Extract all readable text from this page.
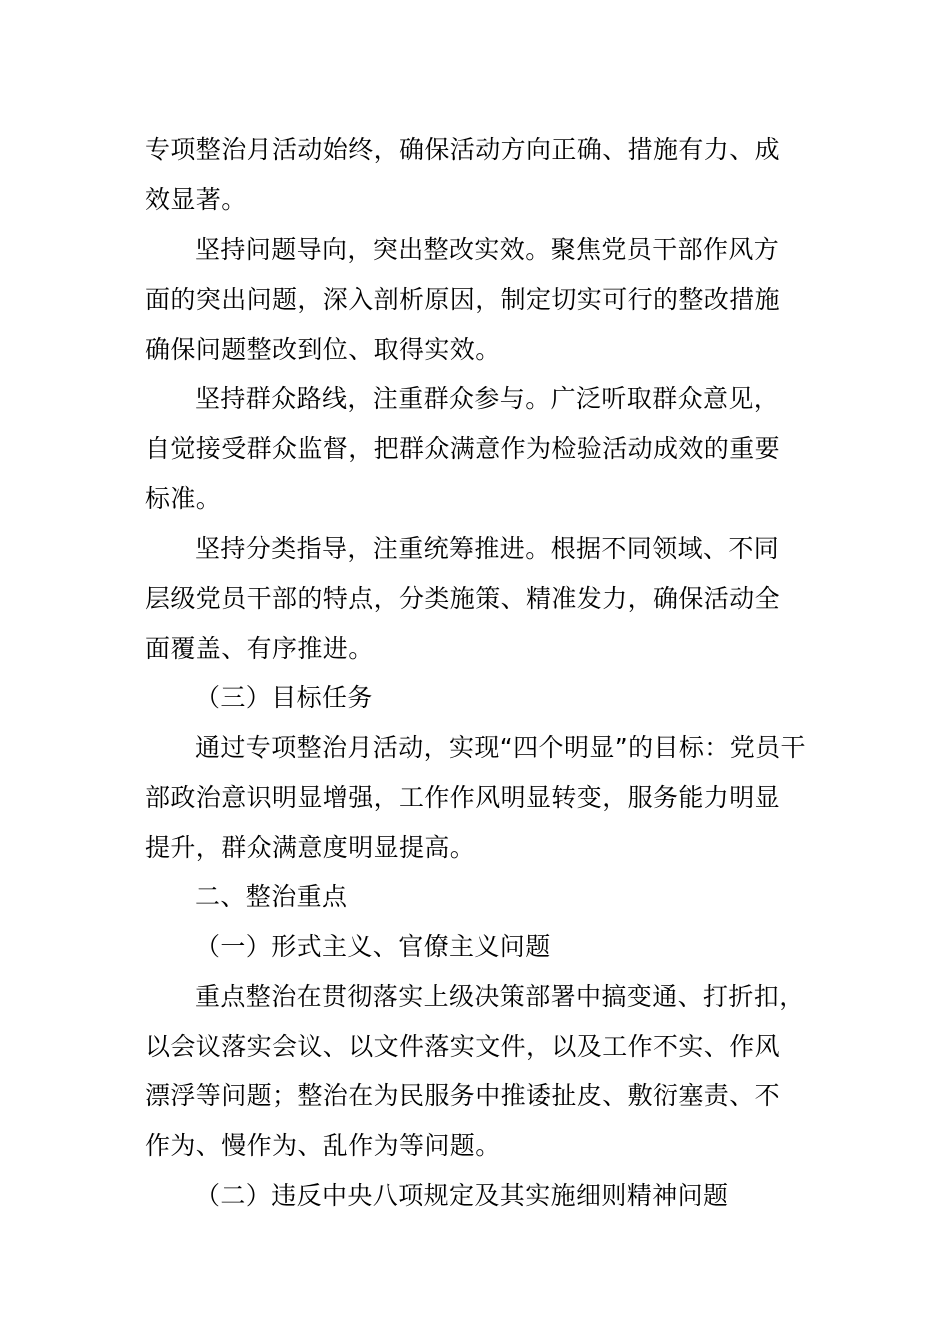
专项整治月活动始终，确保活动方向正确、措施有力、成
效显著。
坚持问题导向，突出整改实效。聚焦党员干部作风方
面的突出问题，深入剖析原因，制定切实可行的整改措施
确保问题整改到位、取得实效。
坚持群众路线，注重群众参与。广泛听取群众意见，
自觉接受群众监督，把群众满意作为检验活动成效的重要
标准。
坚持分类指导，注重统筹推进。根据不同领域、不同
层级党员干部的特点，分类施策、精准发力，确保活动全
面覆盖、有序推进。
（三）目标任务
通过专项整治月活动，实现“四个明显”的目标：党员干
部政治意识明显增强，工作作风明显转变，服务能力明显
提升，群众满意度明显提高。
二、整治重点
（一）形式主义、官僚主义问题
重点整治在贯彻落实上级决策部署中搞变通、打折扣，
以会议落实会议、以文件落实文件，以及工作不实、作风
漂浮等问题；整治在为民服务中推诿扯皮、敷衍塞责、不
作为、慢作为、乱作为等问题。
（二）违反中央八项规定及其实施细则精神问题
